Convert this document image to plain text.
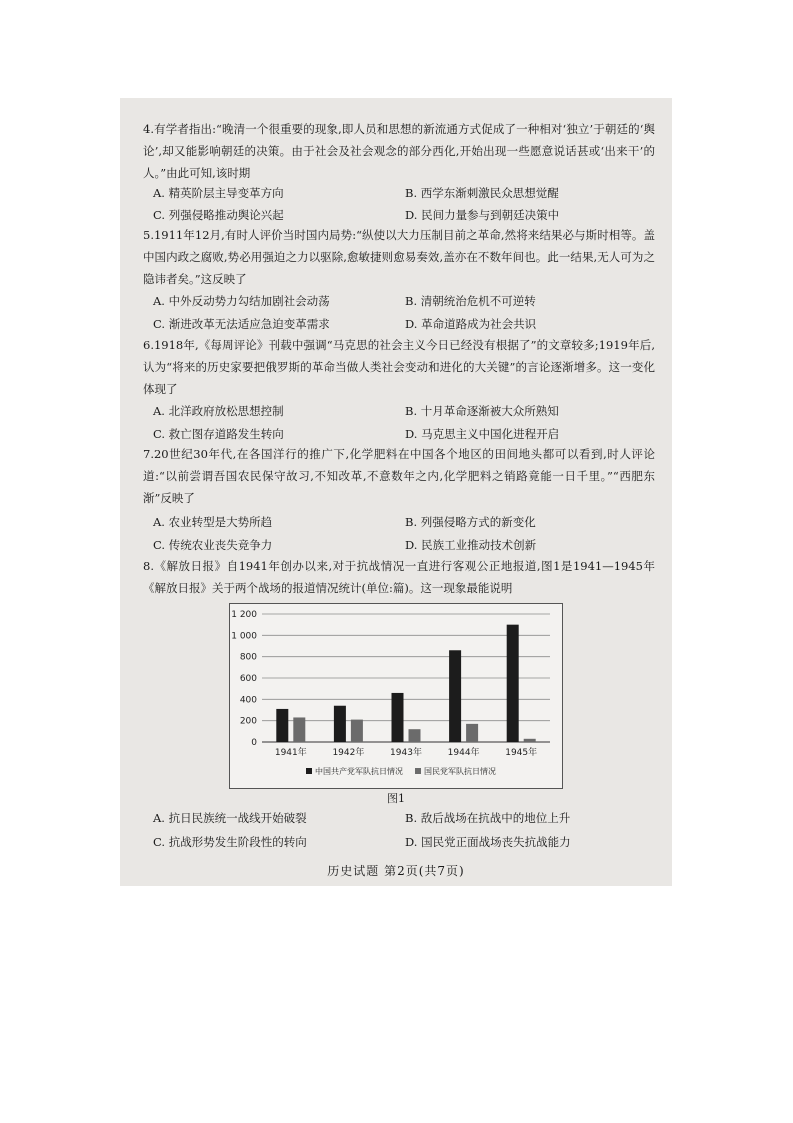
4.有学者指出:“晚清一个很重要的现象,即人员和思想的新流通方式促成了一种相对‘独立’于朝廷的‘舆论’,却又能影响朝廷的决策。由于社会及社会观念的部分西化,开始出现一些愿意说话甚或‘出来干’的人。”由此可知,该时期

A. 精英阶层主导变革方向	B. 西学东渐刺激民众思想觉醒
C. 列强侵略推动舆论兴起	D. 民间力量参与到朝廷决策中

5.1911年12月,有时人评价当时国内局势:“纵使以大力压制目前之革命,然将来结果必与斯时相等。盖中国内政之腐败,势必用强迫之力以驱除,愈敏捷则愈易奏效,盖亦在不数年间也。此一结果,无人可为之隐讳者矣。”这反映了

A. 中外反动势力勾结加剧社会动荡	B. 清朝统治危机不可逆转
C. 渐进改革无法适应急迫变革需求	D. 革命道路成为社会共识

6.1918年,《每周评论》刊载中强调“马克思的社会主义今日已经没有根据了”的文章较多;1919年后,认为“将来的历史家要把俄罗斯的革命当做人类社会变动和进化的大关键”的言论逐渐增多。这一变化体现了

A. 北洋政府放松思想控制	B. 十月革命逐渐被大众所熟知
C. 救亡图存道路发生转向	D. 马克思主义中国化进程开启

7.20世纪30年代,在各国洋行的推广下,化学肥料在中国各个地区的田间地头都可以看到,时人评论道:“以前尝谓吾国农民保守故习,不知改革,不意数年之内,化学肥料之销路竟能一日千里。”“西肥东渐”反映了

A. 农业转型是大势所趋	B. 列强侵略方式的新变化
C. 传统农业丧失竞争力	D. 民族工业推动技术创新

8.《解放日报》自1941年创办以来,对于抗战情况一直进行客观公正地报道,图1是1941—1945年《解放日报》关于两个战场的报道情况统计(单位:篇)。这一现象最能说明

0
200
400
600
800
1 000
1 200
1941年	1942年	1943年	1944年	1945年
中国共产党军队抗日情况	国民党军队抗日情况
图1
A. 抗日民族统一战线开始破裂	B. 敌后战场在抗战中的地位上升
C. 抗战形势发生阶段性的转向	D. 国民党正面战场丧失抗战能力
历史试题 第2页(共7页)
